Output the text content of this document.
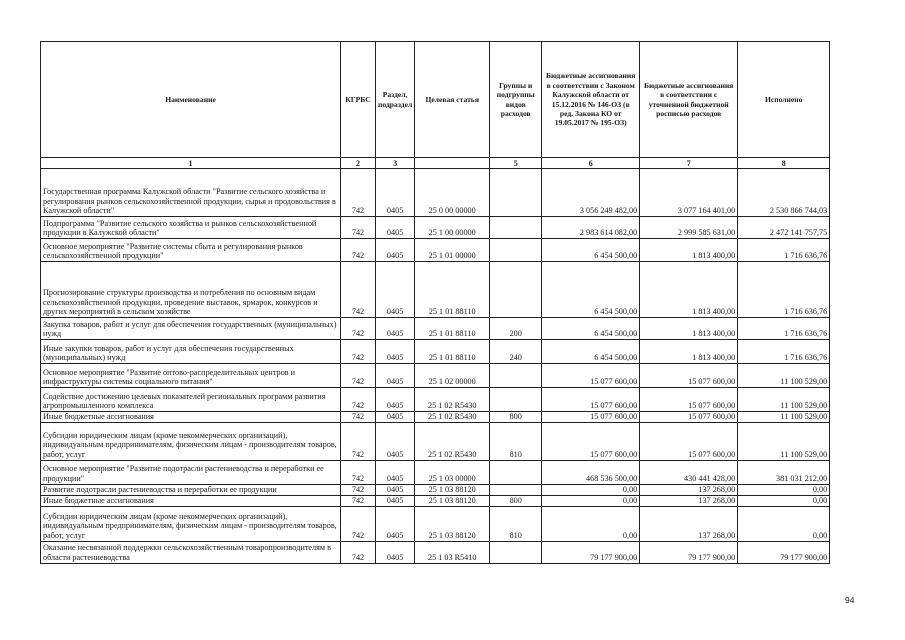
Наименование	КГРБС	Раздел, подраздел	Целевая статья	Группы и подгруппы видов расходов	Бюджетные ассигнования в соответствии с Законом Калужской области от 15.12.2016 № 146-ОЗ (в ред. Закона КО от 19.05.2017 № 195-ОЗ)	Бюджетные ассигнования в соответствии с уточненной бюджетной росписью расходов	Исполнено
1	2	3		5	6	7	8
Государственная программа Калужской области "Развитие сельского хозяйства и регулирования рынков сельскохозяйственной продукции, сырья и продовольствия в Калужской области"	742	0405	25 0 00 00000		3 056 249 482,00	3 077 164 401,00	2 530 866 744,03
Подпрограмма "Развитие сельского хозяйства и рынков сельскохозяйственной продукции в Калужской области"	742	0405	25 1 00 00000		2 983 614 082,00	2 999 585 631,00	2 472 141 757,75
Основное мероприятие "Развитие системы сбыта и регулирования рынков сельскохозяйственной продукции"	742	0405	25 1 01 00000		6 454 500,00	1 813 400,00	1 716 636,76
Прогнозирование структуры производства и потребления по основным видам сельскохозяйственной продукции, проведение выставок, ярмарок, конкурсов и других мероприятий в сельском хозяйстве	742	0405	25 1 01 88110		6 454 500,00	1 813 400,00	1 716 636,76
Закупка товаров, работ и услуг для обеспечения государственных (муниципальных) нужд	742	0405	25 1 01 88110	200	6 454 500,00	1 813 400,00	1 716 636,76
Иные закупки товаров, работ и услуг для обеспечения государственных (муниципальных) нужд	742	0405	25 1 01 88110	240	6 454 500,00	1 813 400,00	1 716 636,76
Основное мероприятие "Развитие оптово-распределительных центров и инфраструктуры системы социального питания"	742	0405	25 1 02 00000		15 077 600,00	15 077 600,00	11 100 529,00
Содействие достижению целевых показателей региональных программ развития агропромышленного комплекса	742	0405	25 1 02 R5430		15 077 600,00	15 077 600,00	11 100 529,00
Иные бюджетные ассигнования	742	0405	25 1 02 R5430	800	15 077 600,00	15 077 600,00	11 100 529,00
Субсидии юридическим лицам (кроме некоммерческих организаций), индивидуальным предпринимателям, физическим лицам - производителям товаров, работ, услуг	742	0405	25 1 02 R5430	810	15 077 600,00	15 077 600,00	11 100 529,00
Основное мероприятие "Развитие подотрасли растениеводства и переработки ее продукции"	742	0405	25 1 03 00000		468 536 500,00	430 441 428,00	381 031 212,00
Развитие подотрасли растениеводства и переработки ее продукции	742	0405	25 1 03 88120		0,00	137 268,00	0,00
Иные бюджетные ассигнования	742	0405	25 1 03 88120	800	0,00	137 268,00	0,00
Субсидии юридическим лицам (кроме некоммерческих организаций), индивидуальным предпринимателям, физическим лицам - производителям товаров, работ, услуг	742	0405	25 1 03 88120	810	0,00	137 268,00	0,00
Оказание несвязанной поддержки сельскохозяйственным товаропроизводителям в области растениеводства	742	0405	25 1 03 R5410		79 177 900,00	79 177 900,00	79 177 900,00
94
